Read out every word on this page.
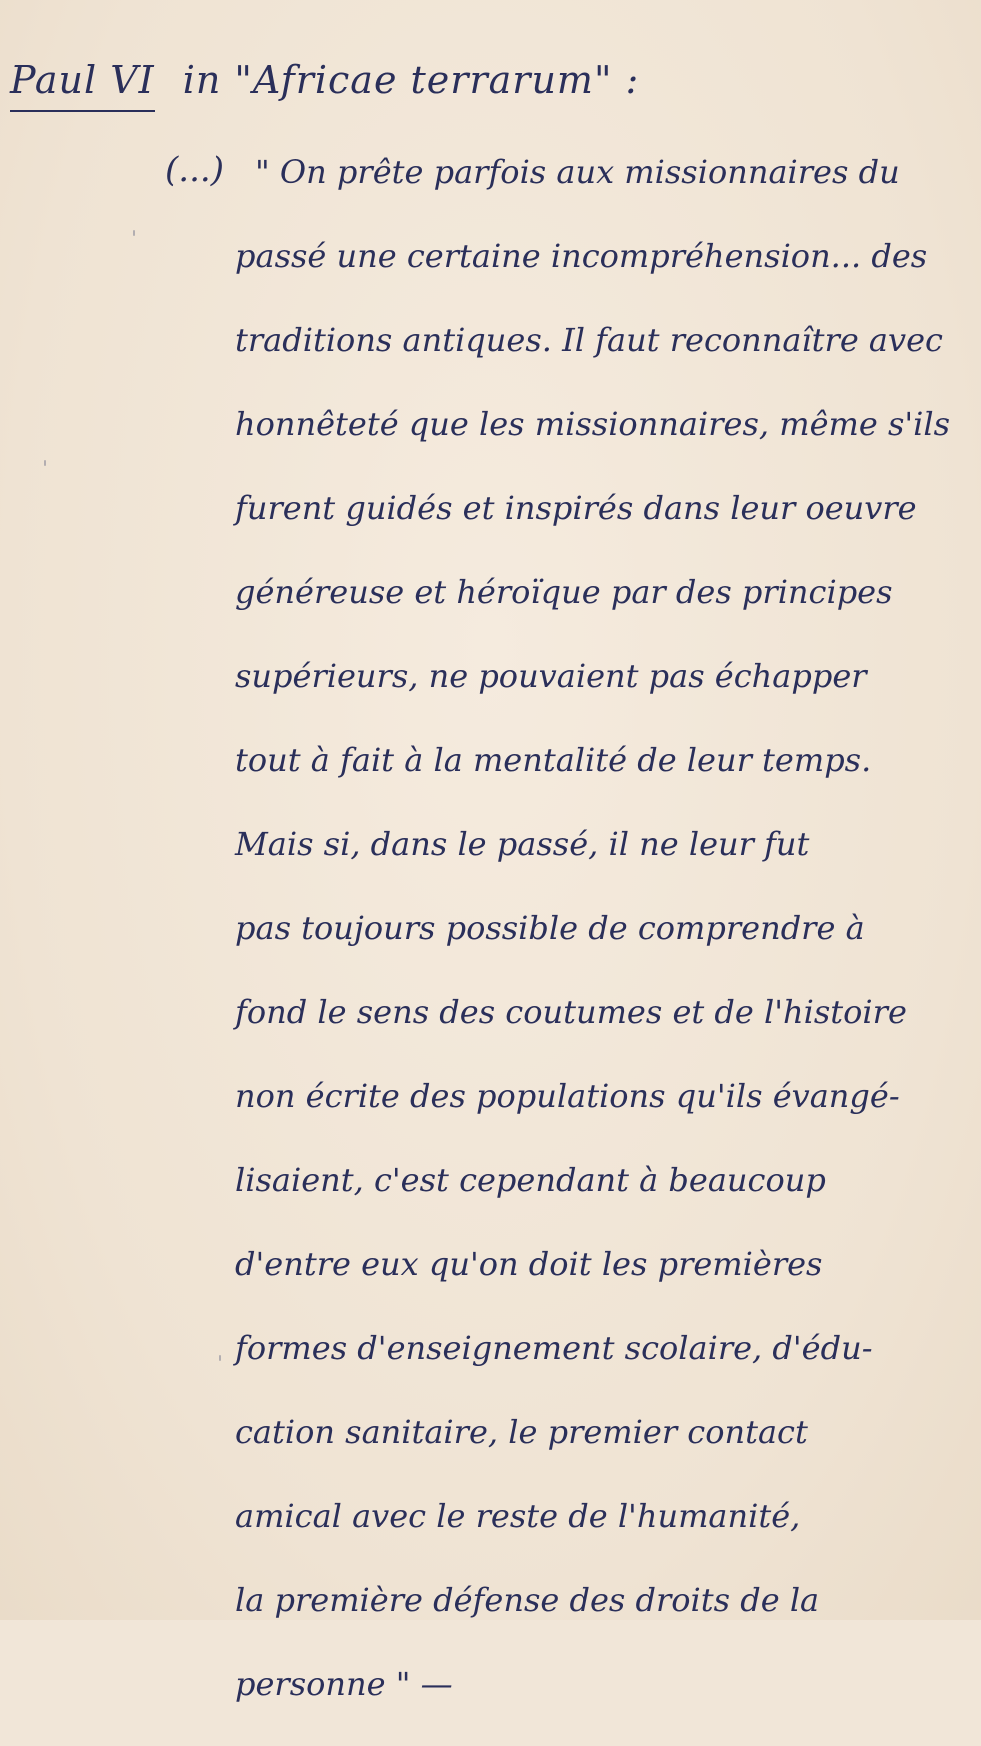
Paul VI in "Africae terrarum" :
(...) " On prête parfois aux missionnaires du
passé une certaine incompréhension... des
traditions antiques. Il faut reconnaître avec
honnêteté que les missionnaires, même s'ils
furent guidés et inspirés dans leur oeuvre
généreuse et héroïque par des principes
supérieurs, ne pouvaient pas échapper
tout à fait à la mentalité de leur temps.
Mais si, dans le passé, il ne leur fut
pas toujours possible de comprendre à
fond le sens des coutumes et de l'histoire
non écrite des populations qu'ils évangé-
lisaient, c'est cependant à beaucoup
d'entre eux qu'on doit les premières
formes d'enseignement scolaire, d'édu-
cation sanitaire, le premier contact
amical avec le reste de l'humanité,
la première défense des droits de la
personne " —
